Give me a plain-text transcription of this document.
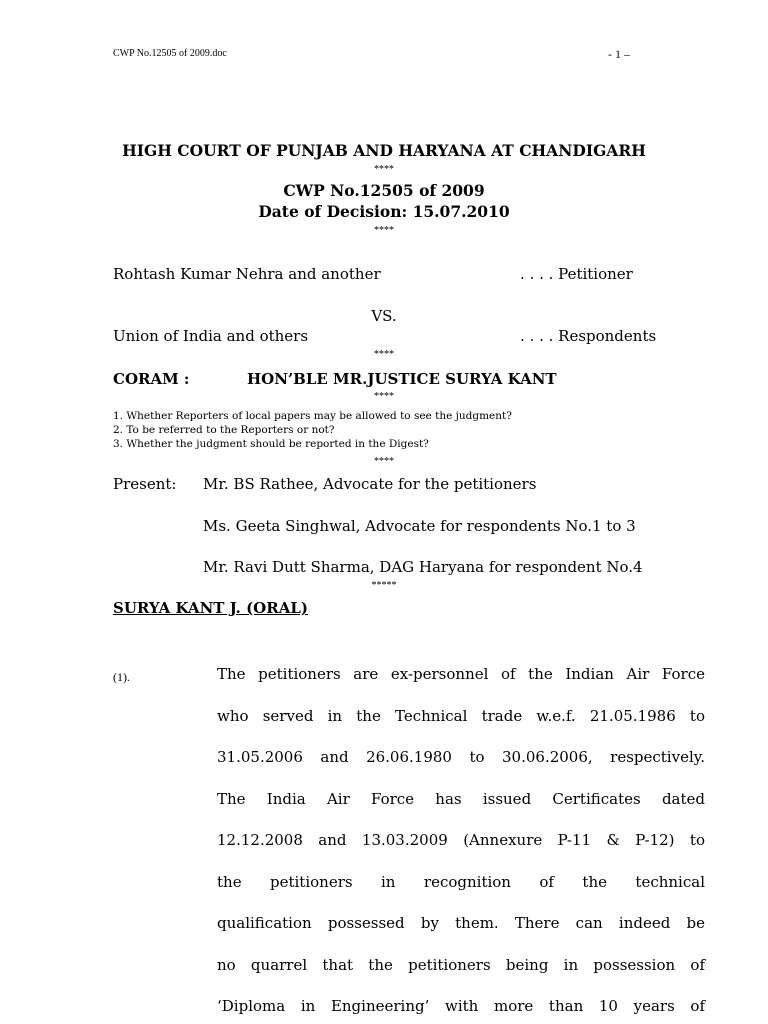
CWP No.12505 of 2009.doc	- 1 –
HIGH COURT OF PUNJAB AND HARYANA AT CHANDIGARH
****
CWP No.12505 of 2009
Date of Decision: 15.07.2010
****
Rohtash Kumar Nehra and another	. . . . Petitioner
VS.
Union of India and others	. . . . Respondents
****
CORAM :	HON’BLE MR.JUSTICE SURYA KANT
****
1. Whether Reporters of local papers may be allowed to see the judgment?
2. To be referred to the Reporters or not?
3. Whether the judgment should be reported in the Digest?
****
Present: Mr. BS Rathee, Advocate for the petitioners
Ms. Geeta Singhwal, Advocate for respondents No.1 to 3
Mr. Ravi Dutt Sharma, DAG Haryana for respondent No.4
*****
SURYA KANT J. (ORAL)
(1).	The petitioners are ex-personnel of the Indian Air Force
who served in the Technical trade w.e.f. 21.05.1986 to
31.05.2006 and 26.06.1980 to 30.06.2006, respectively.
The India Air Force has issued Certificates dated
12.12.2008 and 13.03.2009 (Annexure P-11 & P-12) to
the petitioners in recognition of the technical
qualification possessed by them. There can indeed be
no quarrel that the petitioners being in possession of
‘Diploma in Engineering’ with more than 10 years of
